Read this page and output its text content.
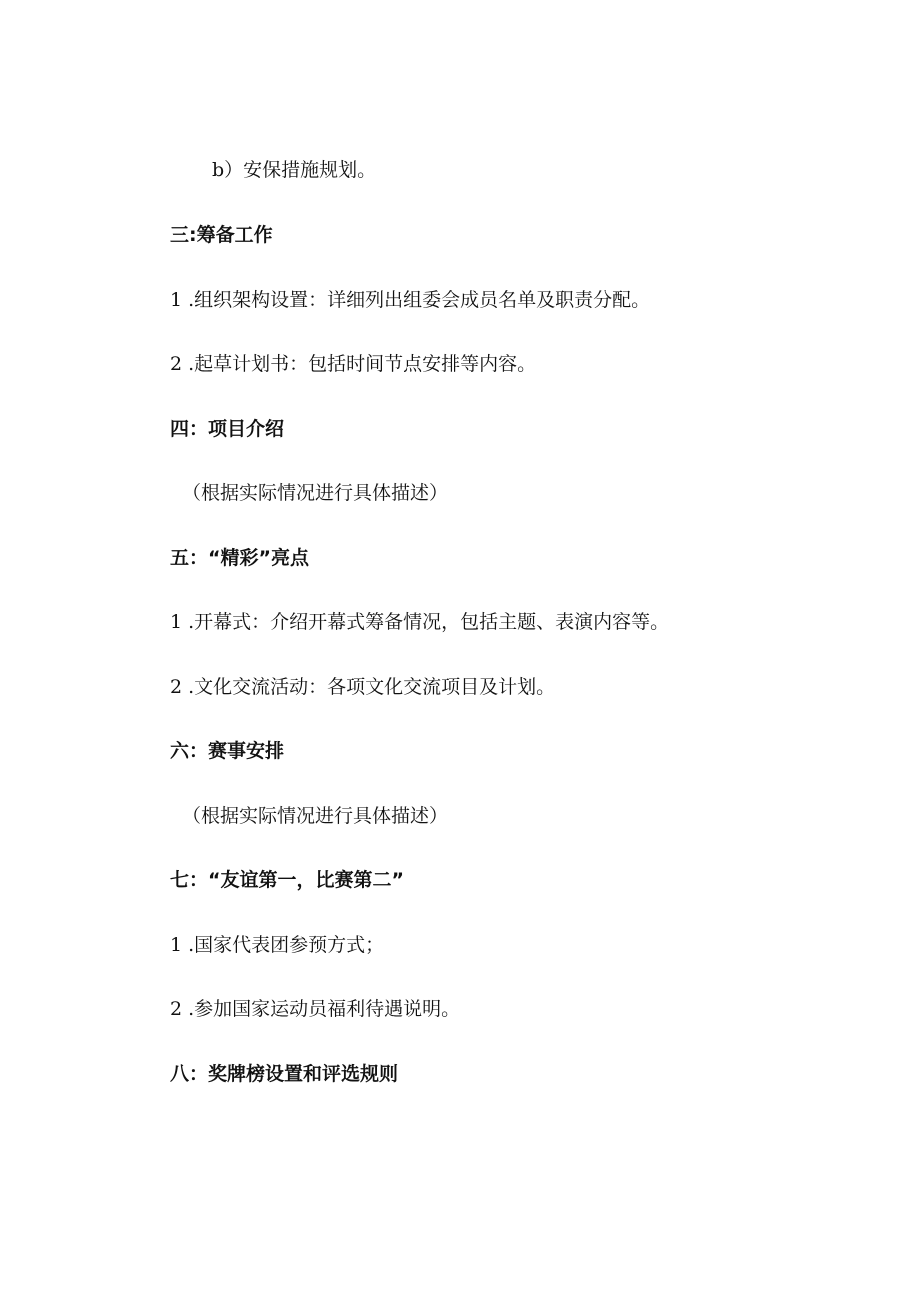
b）安保措施规划。
三:筹备工作
1 .组织架构设置：详细列出组委会成员名单及职责分配。
2 .起草计划书：包括时间节点安排等内容。
四：项目介绍
（根据实际情况进行具体描述）
五：“精彩”亮点
1 .开幕式：介绍开幕式筹备情况，包括主题、表演内容等。
2 .文化交流活动：各项文化交流项目及计划。
六：赛事安排
（根据实际情况进行具体描述）
七：“友谊第一，比赛第二”
1 .国家代表团参预方式；
2 .参加国家运动员福利待遇说明。
八：奖牌榜设置和评选规则
